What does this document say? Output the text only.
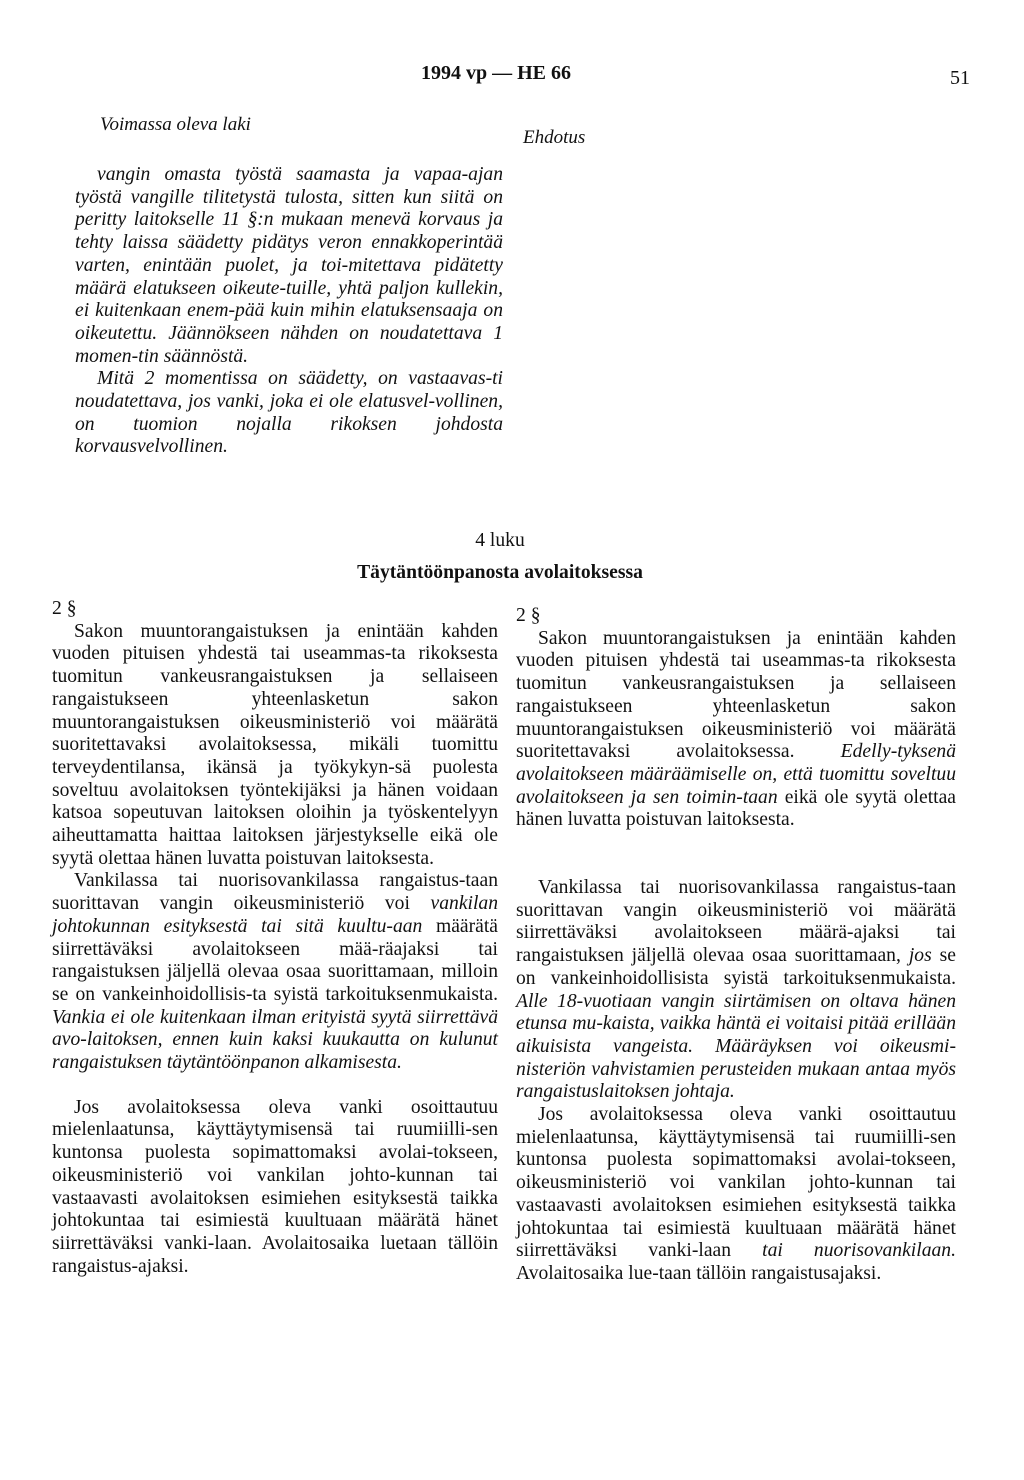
1994 vp — HE 66	51
Voimassa oleva laki
Ehdotus

vangin omasta työstä saamasta ja vapaa-ajan työstä vangille tilitetystä tulosta, sitten kun siitä on peritty laitokselle 11 §:n mukaan menevä korvaus ja tehty laissa säädetty pidätys veron ennakkoperintää varten, enintään puolet, ja toi-mitettava pidätetty määrä elatukseen oikeute-tuille, yhtä paljon kullekin, ei kuitenkaan enem-pää kuin mihin elatuksensaaja on oikeutettu. Jäännökseen nähden on noudatettava 1 momen-tin säännöstä.

Mitä 2 momentissa on säädetty, on vastaavas-ti noudatettava, jos vanki, joka ei ole elatusvel-vollinen, on tuomion nojalla rikoksen johdosta korvausvelvollinen.

4 luku
Täytäntöönpanosta avolaitoksessa

2 §

Sakon muuntorangaistuksen ja enintään kahden vuoden pituisen yhdestä tai useammas-ta rikoksesta tuomitun vankeusrangaistuksen ja sellaiseen rangaistukseen yhteenlasketun sakon muuntorangaistuksen oikeusministeriö voi määrätä suoritettavaksi avolaitoksessa, mikäli tuomittu terveydentilansa, ikänsä ja työkykyn-sä puolesta soveltuu avolaitoksen työntekijäksi ja hänen voidaan katsoa sopeutuvan laitoksen oloihin ja työskentelyyn aiheuttamatta haittaa laitoksen järjestykselle eikä ole syytä olettaa hänen luvatta poistuvan laitoksesta.

Vankilassa tai nuorisovankilassa rangaistus-taan suorittavan vangin oikeusministeriö voi vankilan johtokunnan esityksestä tai sitä kuultu-aan määrätä siirrettäväksi avolaitokseen mää-räajaksi tai rangaistuksen jäljellä olevaa osaa suorittamaan, milloin se on vankeinhoidollisis-ta syistä tarkoituksenmukaista. Vankia ei ole kuitenkaan ilman erityistä syytä siirrettävä avo-laitoksen, ennen kuin kaksi kuukautta on kulunut rangaistuksen täytäntöönpanon alkamisesta.

Jos avolaitoksessa oleva vanki osoittautuu mielenlaatunsa, käyttäytymisensä tai ruumiilli-sen kuntonsa puolesta sopimattomaksi avolai-tokseen, oikeusministeriö voi vankilan johto-kunnan tai vastaavasti avolaitoksen esimiehen esityksestä taikka johtokuntaa tai esimiestä kuultuaan määrätä hänet siirrettäväksi vanki-laan. Avolaitosaika luetaan tällöin rangaistus-ajaksi.

2 §

Sakon muuntorangaistuksen ja enintään kahden vuoden pituisen yhdestä tai useammas-ta rikoksesta tuomitun vankeusrangaistuksen ja sellaiseen rangaistukseen yhteenlasketun sakon muuntorangaistuksen oikeusministeriö voi määrätä suoritettavaksi avolaitoksessa. Edelly-tyksenä avolaitokseen määräämiselle on, että tuomittu soveltuu avolaitokseen ja sen toimin-taan eikä ole syytä olettaa hänen luvatta poistuvan laitoksesta.

Vankilassa tai nuorisovankilassa rangaistus-taan suorittavan vangin oikeusministeriö voi määrätä siirrettäväksi avolaitokseen määrä-ajaksi tai rangaistuksen jäljellä olevaa osaa suorittamaan, jos se on vankeinhoidollisista syistä tarkoituksenmukaista. Alle 18-vuotiaan vangin siirtämisen on oltava hänen etunsa mu-kaista, vaikka häntä ei voitaisi pitää erillään aikuisista vangeista. Määräyksen voi oikeusmi-nisteriön vahvistamien perusteiden mukaan antaa myös rangaistuslaitoksen johtaja.

Jos avolaitoksessa oleva vanki osoittautuu mielenlaatunsa, käyttäytymisensä tai ruumiilli-sen kuntonsa puolesta sopimattomaksi avolai-tokseen, oikeusministeriö voi vankilan johto-kunnan tai vastaavasti avolaitoksen esimiehen esityksestä taikka johtokuntaa tai esimiestä kuultuaan määrätä hänet siirrettäväksi vanki-laan tai nuorisovankilaan. Avolaitosaika lue-taan tällöin rangaistusajaksi.
